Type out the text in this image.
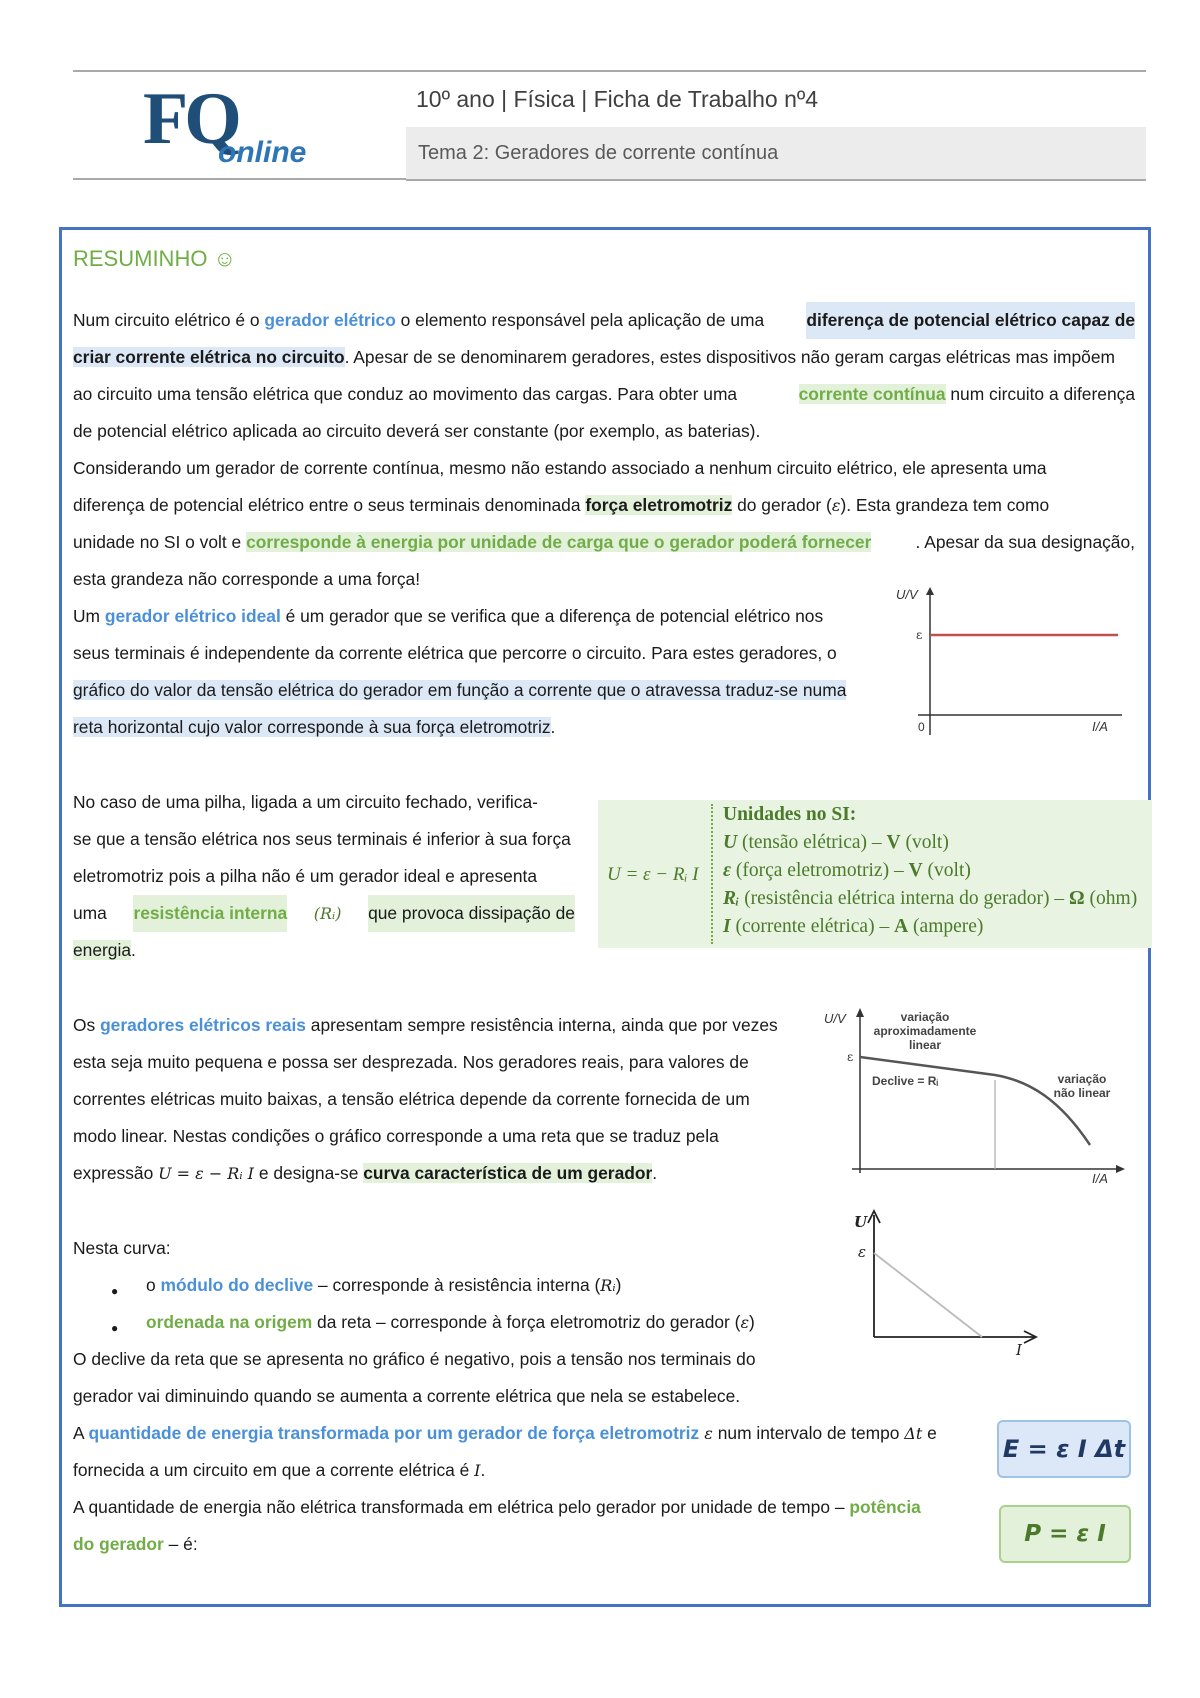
FQ
online
10º ano | Física | Ficha de Trabalho nº4
Tema 2: Geradores de corrente contínua
RESUMINHO ☺
Num circuito elétrico é o gerador elétrico o elemento responsável pela aplicação de uma diferença de potencial elétrico capaz de
criar corrente elétrica no circuito. Apesar de se denominarem geradores, estes dispositivos não geram cargas elétricas mas impõem
ao circuito uma tensão elétrica que conduz ao movimento das cargas. Para obter uma	corrente contínua num circuito a diferença
de potencial elétrico aplicada ao circuito deverá ser constante (por exemplo, as baterias).
Considerando um gerador de corrente contínua, mesmo não estando associado a nenhum circuito elétrico, ele apresenta uma
diferença de potencial elétrico entre o seus terminais denominada força eletromotriz do gerador (ε). Esta grandeza tem como
unidade no SI o volt e corresponde à energia por unidade de carga que o gerador poderá fornecer	. Apesar da sua designação,
esta grandeza não corresponde a uma força!
Um gerador elétrico ideal é um gerador que se verifica que a diferença de potencial elétrico nos
seus terminais é independente da corrente elétrica que percorre o circuito. Para estes geradores, o
gráfico do valor da tensão elétrica do gerador em função a corrente que o atravessa traduz-se numa
reta horizontal cujo valor corresponde à sua força eletromotriz.
U/V
ε
0	I/A
No caso de uma pilha, ligada a um circuito fechado, verifica-
se que a tensão elétrica nos seus terminais é inferior à sua força
eletromotriz pois a pilha não é um gerador ideal e apresenta
uma resistência interna (Rᵢ) que provoca dissipação de
energia.
U = ε − Rᵢ I
Unidades no SI:
U (tensão elétrica) – V (volt)
ε (força eletromotriz) – V (volt)
Rᵢ (resistência elétrica interna do gerador) – Ω (ohm)
I (corrente elétrica) – A (ampere)
Os geradores elétricos reais apresentam sempre resistência interna, ainda que por vezes
esta seja muito pequena e possa ser desprezada. Nos geradores reais, para valores de
correntes elétricas muito baixas, a tensão elétrica depende da corrente fornecida de um
modo linear. Nestas condições o gráfico corresponde a uma reta que se traduz pela
expressão U = ε − Rᵢ I e designa-se curva característica de um gerador.
U/V
ε
variação
aproximadamente
linear
Declive = Rᵢ	variação
não linear
I/A
Nesta curva:
● o módulo do declive – corresponde à resistência interna (Rᵢ)
● ordenada na origem da reta – corresponde à força eletromotriz do gerador (ε)
O declive da reta que se apresenta no gráfico é negativo, pois a tensão nos terminais do
gerador vai diminuindo quando se aumenta a corrente elétrica que nela se estabelece.
U
ε
I
A quantidade de energia transformada por um gerador de força eletromotriz ε num intervalo de tempo Δt e
fornecida a um circuito em que a corrente elétrica é I.
A quantidade de energia não elétrica transformada em elétrica pelo gerador por unidade de tempo – potência
do gerador – é:
E = ε I Δt
P = ε I
